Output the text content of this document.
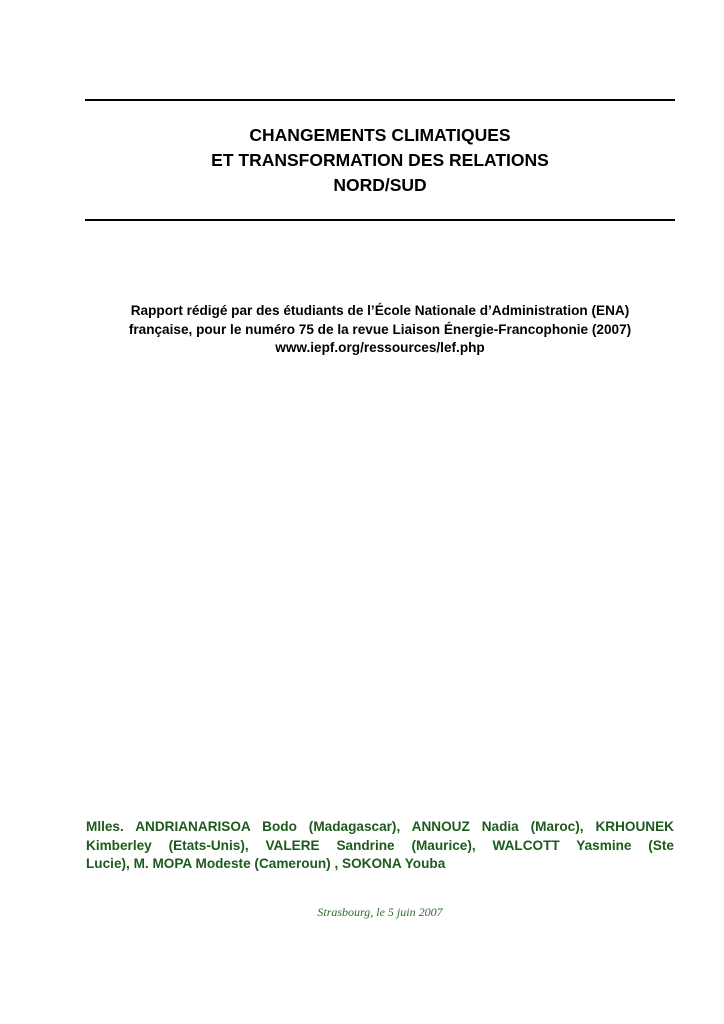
CHANGEMENTS CLIMATIQUES
ET TRANSFORMATION DES RELATIONS
NORD/SUD
Rapport rédigé par des étudiants de l’École Nationale d’Administration (ENA)
française, pour le numéro 75 de la revue Liaison Énergie-Francophonie (2007)
www.iepf.org/ressources/lef.php
Mlles. ANDRIANARISOA Bodo (Madagascar), ANNOUZ Nadia (Maroc), KRHOUNEK
Kimberley (Etats-Unis), VALERE Sandrine (Maurice), WALCOTT Yasmine (Ste
Lucie), M. MOPA Modeste (Cameroun) , SOKONA Youba
Strasbourg, le 5 juin 2007
